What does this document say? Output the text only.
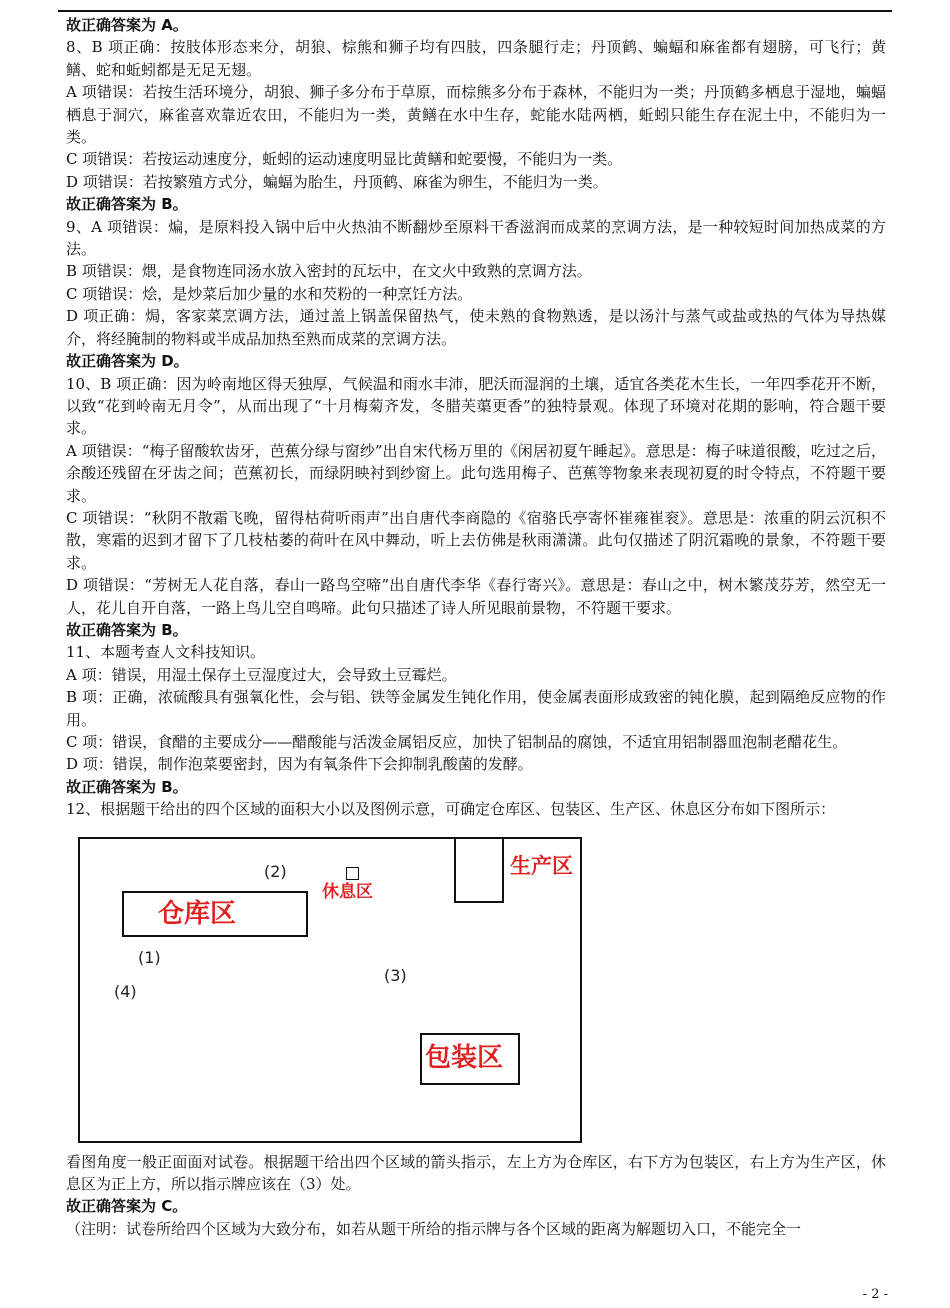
故正确答案为 A。

8、B 项正确：按肢体形态来分，胡狼、棕熊和狮子均有四肢，四条腿行走；丹顶鹤、蝙蝠和麻雀都有翅膀，可飞行；黄鳝、蛇和蚯蚓都是无足无翅。

A 项错误：若按生活环境分，胡狼、狮子多分布于草原，而棕熊多分布于森林，不能归为一类；丹顶鹤多栖息于湿地，蝙蝠栖息于洞穴，麻雀喜欢靠近农田，不能归为一类，黄鳝在水中生存，蛇能水陆两栖，蚯蚓只能生存在泥土中，不能归为一类。

C 项错误：若按运动速度分，蚯蚓的运动速度明显比黄鳝和蛇要慢，不能归为一类。

D 项错误：若按繁殖方式分，蝙蝠为胎生，丹顶鹤、麻雀为卵生，不能归为一类。

故正确答案为 B。

9、A 项错误：煸，是原料投入锅中后中火热油不断翻炒至原料干香滋润而成菜的烹调方法，是一种较短时间加热成菜的方法。

B 项错误：煨，是食物连同汤水放入密封的瓦坛中，在文火中致熟的烹调方法。

C 项错误：烩，是炒菜后加少量的水和芡粉的一种烹饪方法。

D 项正确：焗，客家菜烹调方法，通过盖上锅盖保留热气，使未熟的食物熟透，是以汤汁与蒸气或盐或热的气体为导热媒介，将经腌制的物料或半成品加热至熟而成菜的烹调方法。

故正确答案为 D。

10、B 项正确：因为岭南地区得天独厚，气候温和雨水丰沛，肥沃而湿润的土壤，适宜各类花木生长，一年四季花开不断，以致“花到岭南无月令”，从而出现了“十月梅菊齐发，冬腊芙蕖更香”的独特景观。体现了环境对花期的影响，符合题干要求。

A 项错误：“梅子留酸软齿牙，芭蕉分绿与窗纱”出自宋代杨万里的《闲居初夏午睡起》。意思是：梅子味道很酸，吃过之后，余酸还残留在牙齿之间；芭蕉初长，而绿阴映衬到纱窗上。此句选用梅子、芭蕉等物象来表现初夏的时令特点，不符题干要求。

C 项错误：“秋阴不散霜飞晚，留得枯荷听雨声”出自唐代李商隐的《宿骆氏亭寄怀崔雍崔衮》。意思是：浓重的阴云沉积不散，寒霜的迟到才留下了几枝枯萎的荷叶在风中舞动，听上去仿佛是秋雨潇潇。此句仅描述了阴沉霜晚的景象，不符题干要求。

D 项错误：“芳树无人花自落，春山一路鸟空啼”出自唐代李华《春行寄兴》。意思是：春山之中，树木繁茂芬芳，然空无一人，花儿自开自落，一路上鸟儿空自鸣啼。此句只描述了诗人所见眼前景物，不符题干要求。

故正确答案为 B。

11、本题考查人文科技知识。

A 项：错误，用湿土保存土豆湿度过大，会导致土豆霉烂。

B 项：正确，浓硫酸具有强氧化性，会与铝、铁等金属发生钝化作用，使金属表面形成致密的钝化膜，起到隔绝反应物的作用。

C 项：错误，食醋的主要成分——醋酸能与活泼金属铝反应，加快了铝制品的腐蚀，不适宜用铝制器皿泡制老醋花生。

D 项：错误，制作泡菜要密封，因为有氧条件下会抑制乳酸菌的发酵。

故正确答案为 B。

12、根据题干给出的四个区域的面积大小以及图例示意，可确定仓库区、包装区、生产区、休息区分布如下图所示：

仓库区
生产区
休息区
包装区
(2)
(1)
(4)
(3)

看图角度一般正面面对试卷。根据题干给出四个区域的箭头指示，左上方为仓库区，右下方为包装区，右上方为生产区，休息区为正上方，所以指示牌应该在（3）处。

故正确答案为 C。

（注明：试卷所给四个区域为大致分布，如若从题干所给的指示牌与各个区域的距离为解题切入口，不能完全一

- 2 -
